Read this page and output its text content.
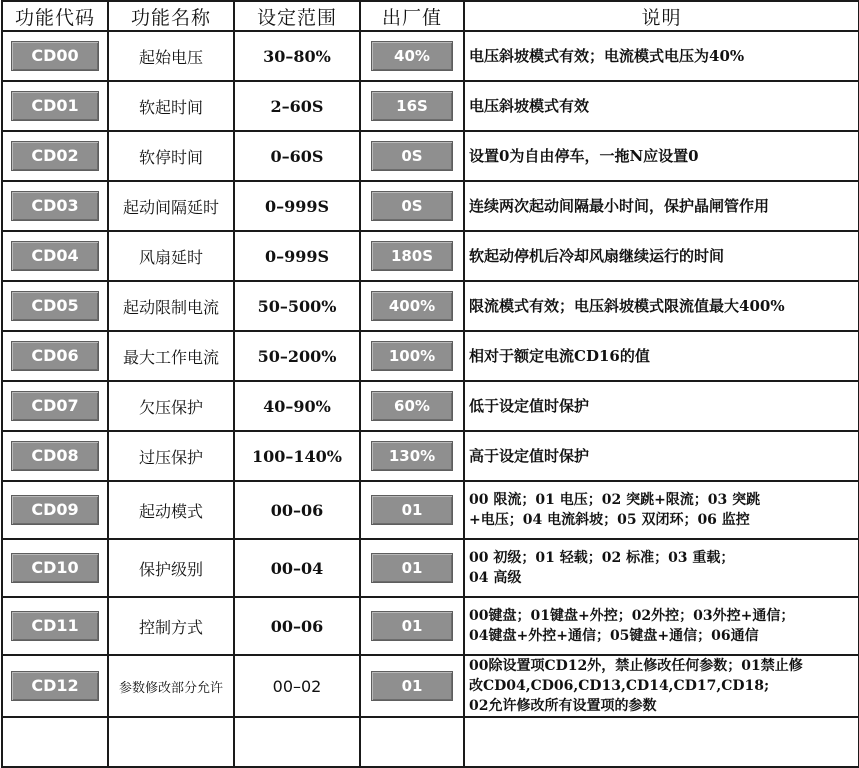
功能代码	功能名称	设定范围	出厂值	说明
CD00	起始电压	30–80%	40%	电压斜坡模式有效；电流模式电压为40%

CD01	软起时间	2–60S	16S	电压斜坡模式有效

CD02	软停时间	0–60S	0S	设置0为自由停车，一拖N应设置0

CD03	起动间隔延时	0–999S	0S	连续两次起动间隔最小时间，保护晶闸管作用

CD04	风扇延时	0–999S	180S	软起动停机后冷却风扇继续运行的时间

CD05	起动限制电流	50–500%	400%	限流模式有效；电压斜坡模式限流值最大400%

CD06	最大工作电流	50–200%	100%	相对于额定电流CD16的值

CD07	欠压保护	40–90%	60%	低于设定值时保护

CD08	过压保护	100–140%	130%	高于设定值时保护

CD09	起动模式	00–06	01	00 限流；01 电压；02 突跳+限流；03 突跳
+电压；04 电流斜坡；05 双闭环；06 监控

CD10	保护级别	00–04	01	00 初级；01 轻载；02 标准；03 重载；
04 高级

CD11	控制方式	00–06	01	00键盘；01键盘+外控；02外控；03外控+通信；
04键盘+外控+通信；05键盘+通信；06通信

CD12	参数修改部分允许	00–02	01	00除设置项CD12外，禁止修改任何参数；01禁止修
改CD04,CD06,CD13,CD14,CD17,CD18;
02允许修改所有设置项的参数
